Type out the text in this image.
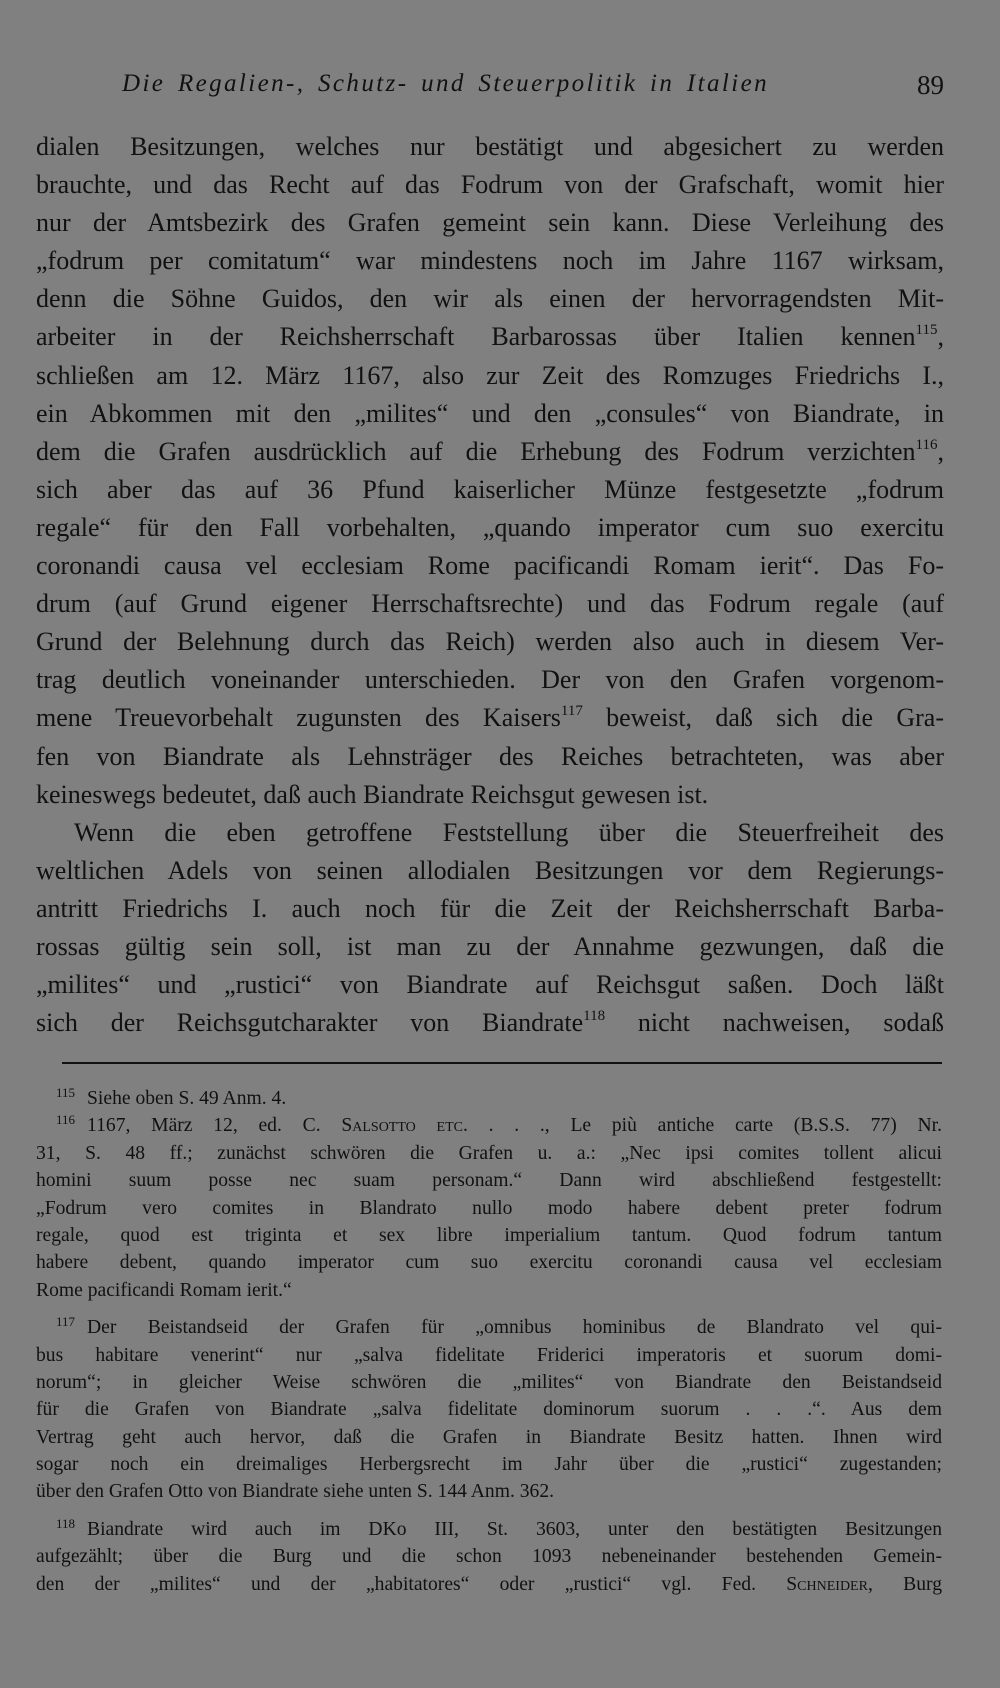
Die Regalien-, Schutz- und Steuerpolitik in Italien	89
dialen Besitzungen, welches nur bestätigt und abgesichert zu werden
brauchte, und das Recht auf das Fodrum von der Grafschaft, womit hier
nur der Amtsbezirk des Grafen gemeint sein kann. Diese Verleihung des
„fodrum per comitatum“ war mindestens noch im Jahre 1167 wirksam,
denn die Söhne Guidos, den wir als einen der hervorragendsten Mit-
arbeiter in der Reichsherrschaft Barbarossas über Italien kennen$^{115}$,
schließen am 12. März 1167, also zur Zeit des Romzuges Friedrichs I.,
ein Abkommen mit den „milites“ und den „consules“ von Biandrate, in
dem die Grafen ausdrücklich auf die Erhebung des Fodrum verzichten$^{116}$,
sich aber das auf 36 Pfund kaiserlicher Münze festgesetzte „fodrum
regale“ für den Fall vorbehalten, „quando imperator cum suo exercitu
coronandi causa vel ecclesiam Rome pacificandi Romam ierit“. Das Fo-
drum (auf Grund eigener Herrschaftsrechte) und das Fodrum regale (auf
Grund der Belehnung durch das Reich) werden also auch in diesem Ver-
trag deutlich voneinander unterschieden. Der von den Grafen vorgenom-
mene Treuevorbehalt zugunsten des Kaisers$^{117}$ beweist, daß sich die Gra-
fen von Biandrate als Lehnsträger des Reiches betrachteten, was aber
keineswegs bedeutet, daß auch Biandrate Reichsgut gewesen ist.
Wenn die eben getroffene Feststellung über die Steuerfreiheit des
weltlichen Adels von seinen allodialen Besitzungen vor dem Regierungs-
antritt Friedrichs I. auch noch für die Zeit der Reichsherrschaft Barba-
rossas gültig sein soll, ist man zu der Annahme gezwungen, daß die
„milites“ und „rustici“ von Biandrate auf Reichsgut saßen. Doch läßt
sich der Reichsgutcharakter von Biandrate$^{118}$ nicht nachweisen, sodaß
$^{115}$ Siehe oben S. 49 Anm. 4.
$^{116}$ 1167, März 12, ed. C. Salsotto etc. . . ., Le più antiche carte (B.S.S. 77) Nr.
31, S. 48 ff.; zunächst schwören die Grafen u. a.: „Nec ipsi comites tollent alicui
homini suum posse nec suam personam.“ Dann wird abschließend festgestellt:
„Fodrum vero comites in Blandrato nullo modo habere debent preter fodrum
regale, quod est triginta et sex libre imperialium tantum. Quod fodrum tantum
habere debent, quando imperator cum suo exercitu coronandi causa vel ecclesiam
Rome pacificandi Romam ierit.“
$^{117}$ Der Beistandseid der Grafen für „omnibus hominibus de Blandrato vel qui-
bus habitare venerint“ nur „salva fidelitate Friderici imperatoris et suorum domi-
norum“; in gleicher Weise schwören die „milites“ von Biandrate den Beistandseid
für die Grafen von Biandrate „salva fidelitate dominorum suorum . . .“. Aus dem
Vertrag geht auch hervor, daß die Grafen in Biandrate Besitz hatten. Ihnen wird
sogar noch ein dreimaliges Herbergsrecht im Jahr über die „rustici“ zugestanden;
über den Grafen Otto von Biandrate siehe unten S. 144 Anm. 362.
$^{118}$ Biandrate wird auch im DKo III, St. 3603, unter den bestätigten Besitzungen
aufgezählt; über die Burg und die schon 1093 nebeneinander bestehenden Gemein-
den der „milites“ und der „habitatores“ oder „rustici“ vgl. Fed. Schneider, Burg
